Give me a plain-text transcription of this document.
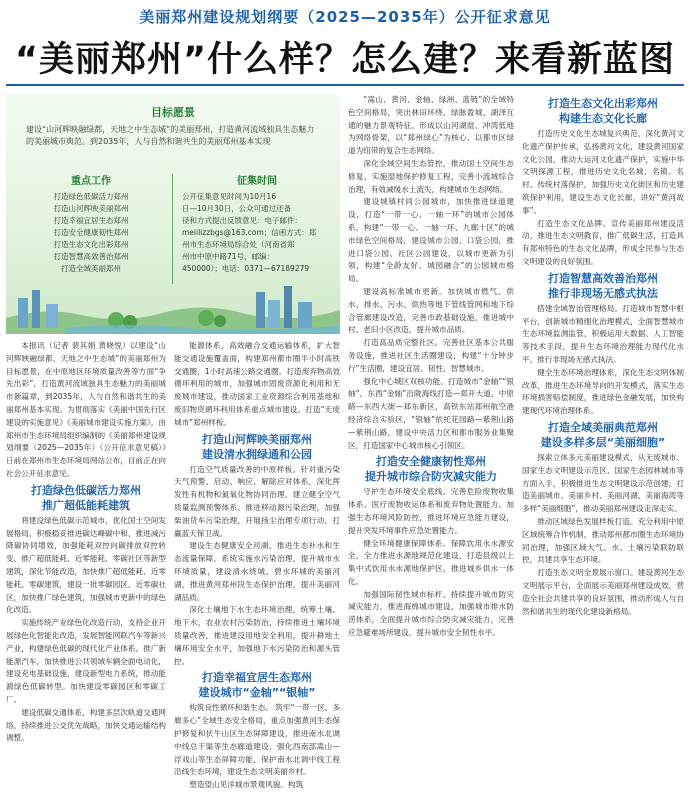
美丽郑州建设规划纲要（2025—2035年）公开征求意见
“美丽郑州”什么样？怎么建？来看新蓝图
目标愿景
建设“山河辉映融绿都，天地之中生态城”的美丽郑州，打造黄河流域独具生态魅力的美丽城市典范。到2035年，人与自然和谐共生的美丽郑州基本实现
重点工作
打造绿色低碳活力郑州
打造山河辉映美丽郑州
打造幸福宜居生态郑州
打造安全健康韧性郑州
打造生态文化出彩郑州
打造智慧高效善治郑州
打造全域美丽郑州
征集时间
公开征集意见时间为10月16
日—10月30日，公众可通过还备
径和方式提出反馈意见：电子邮件：
meiilizzbgs@163.com；信函方式：郑
州市生态环境局综合处（河南省郑
州市中原中路71号，邮编：
450000）；电话：0371—67189279

本报讯（记者 裴其娟 黄晓悦）以建设“山河辉映融绿都，天地之中生态城”的美丽郑州为目标愿景，在中原地区环境质量改善等方面“争先出彩”，打造黄河流域独具生态魅力的美丽城市新篇章，到2035年，人与自然和谐共生的美丽郑州基本实现。为贯彻落实《美丽中国先行区建设的实施意见》《美丽城市建设实施方案》，由郑州市生态环境局组织编制的《美丽郑州建设规划纲要（2025—2035年）（公开征求意见稿）》日前在郑州市生态环境局网站公布，目前正在向社会公开征求意见。

打造绿色低碳活力郑州
推广超低能耗建筑

将建设绿色低碳示范城市，优化国土空间发展格局，积极稳妥推进碳达峰碳中和，推进减污降碳协同增效，加强能耗双控向碳排放双控转变，推广超低能耗、近零能耗、零碳社区等新型建筑，深化节能改造，加快推广超低能耗、近零能耗、零碳建筑，建设一批零碳园区、近零碳社区，加快推广绿色建筑，加强城市更新中的绿色化改造。

实施传统产业绿色化改造行动，支持企业开展绿色化智能化改造，发展智能网联汽车等新兴产业，构建绿色低碳的现代化产业体系。推广新能源汽车，加快推进公共领域车辆全面电动化，建设充电基础设施，建设新型电力系统，推动能源绿色低碳转型。加快建设零碳园区和零碳工厂。

建设低碳交通体系，构建多层次轨道交通网络，持续推进公交优先战略，加快交通运输结构调整。

能源体系，高效融合交通运输体系，扩大智能交通设施覆盖面，构建郑州都市圈半小时高铁交通圈，1小时高速公路交通圈。打造废弃物高效循环利用的城市，加强城市固废资源化利用和无废城市建设，推动国家工业资源综合利用基地和废旧物资循环利用体系重点城市建设。打造“无废城市”郑州样板。

打造山河辉映美丽郑州
建设清水拥绿通和公园

打造空气质量改善的中原样板。针对重污染天气预警、启动、响应、解除应对体系，深化挥发性有机物和氮氧化物协同治理，建立健全空气质量监测预警体系。推进移动源污染治理，加强柴油货车污染治理，开展扬尘治理专项行动，打赢蓝天保卫战。

建设生态健康安全河湖，推进生态补水和生态流量保障，系统实施水污染治理，提升城市水环境质量，建设清水绕城、碧水环城的美丽河湖，推进黄河郑州段生态保护治理，提升美丽河湖品质。

深化土壤地下水生态环境治理，统筹土壤、地下水、农业农村污染防治，持续推进土壤环境质量改善，推进建设用地安全利用，提升耕地土壤环境安全水平，加强地下水污染防治和源头管控。

打造幸福宜居生态郑州
建设城市“金轴”“银轴”

构筑良性循环和谐生态。 筑牢“一带一区、多廊多心”全域生态安全格局，重点加强黄河生态保护修复和伏牛山区生态屏障建设，推进南水北调中线总干渠等生态廊道建设，强化西南部嵩山—浮戏山等生态屏障功能，保护南水北调中线工程沿线生态环境，建设生态文明美丽乡村。

塑造望山见洋城市景观风貌。构筑

“嵩山、黄河、金轴、绿洲、蓝链”的全域特色空间格局，突出林田环绕、绿脉盈城、湖泽互通的魅力景观特征。形成以山河湖湿、冲湾低地为网络骨架，以“郑州绿心”为核心、以都市区绿道为纽带的复合生态网络。

深化全域空间生态管控，推动国土空间生态修复，实施湿地保护修复工程，完善小流域综合治理，有效减缓水土流失，构建城市生态网络。

建设城镇村同公园城市，加快推进绿道建设，打造“一带一心、一轴一环”的城市公园体系，构建“一带一心、一轴一环、九廊十区”的城市绿色空间格局，建设城市公园、口袋公园，推进口袋公园、社区公园建设，以城市更新为引领，构建“全龄友好、城园融合”的公园城市格局。

建设高标准城市更新。加快城市燃气、供水、排水、污水、供热等地下管线管网和地下综合管廊建设改造，完善市政基础设施，推进城中村、老旧小区改造，提升城市品质。

打造高品质完整社区。完善社区基本公共服务设施，推进社区生活圈建设，构建“十分钟步行”生活圈，建设宜居、韧性、智慧城市。

强化中心城区双核功能。打造城市“金轴”“银轴”，东西“金轴”沿陇海线打造—郑开大道，中原路—东西大街—郑东新区，高铁东站郑州航空港经济综合实验区，“银轴”依托花园路—紫荆山路—紫荆山路，建设中央活力区和都市服务业集聚区，打造国家中心城市核心引领区。

打造安全健康韧性郑州
提升城市综合防灾减灾能力

守护生态环境安全底线。完善危险废物收集体系、医疗废物收运体系和废弃物处置能力。加强生态环境风险防控，推进环境应急能力建设，提升突发环境事件应急处置能力。

健全环境健康保障体系。保障饮用水水源安全，全力推进水源地规范化建设，打造县级以上集中式饮用水水源地保护区，推进城乡供水一体化。

加强国际韧性城市标杆。持续提升城市防灾减灾能力，推进海绵城市建设，加强城市排水防涝体系，全面提升城市综合防灾减灾能力，完善应急避难场所建设，提升城市安全韧性水平。

打造生态文化出彩郑州
构建生态文化长廊

打造历史文化生态城复兴典范，深化黄河文化遗产保护传承，弘扬黄河文化，建设黄河国家文化公园，推动大运河文化遗产保护，实施中华文明探源工程，推进历史文化名城、名镇、名村、传统村落保护，加强历史文化街区和历史建筑保护利用，建设生态文化长廊，讲好“黄河故事”。

打造生态文化品牌。宣传美丽郑州建设活动，推进生态文明教育，推广低碳生活，打造具有郑州特色的生态文化品牌，形成全民参与生态文明建设的良好氛围。

打造智慧高效善治郑州
推行非现场无感式执法

搭建全域智治管理格局。打造城市智慧中枢平台，创新城市精细化治理模式，全面智慧城市生态环境监测监管，积极运用大数据、人工智能等技术手段，提升生态环境治理能力现代化水平，推行非现场无感式执法。

健全生态环境治理体系，深化生态文明体制改革，推进生态环境导向的开发模式，落实生态环境损害赔偿制度，推进绿色金融发展，加快构建现代环境治理体系。

打造全域美丽典范郑州
建设多样多层“美丽细胞”

探索立体多元美丽建设模式，从无废城市、国家生态文明建设示范区、国家生态园林城市等方面入手，积极推进生态文明建设示范创建，打造美丽城市、美丽乡村、美丽河湖、美丽海湾等多样“美丽细胞”，推动美丽郑州建设走深走实。

推动区域绿色发展样板打造。充分利用中原区域统筹合作机制，推动郑州都市圈生态环境协同治理，加强区域大气、水、土壤污染联防联控，共建共享生态环境。

打造生态文明全景展示窗口。建设黄河生态文明展示平台，全面展示美丽郑州建设成效，营造全社会共建共享的良好氛围，推动形成人与自然和谐共生的现代化建设新格局。
